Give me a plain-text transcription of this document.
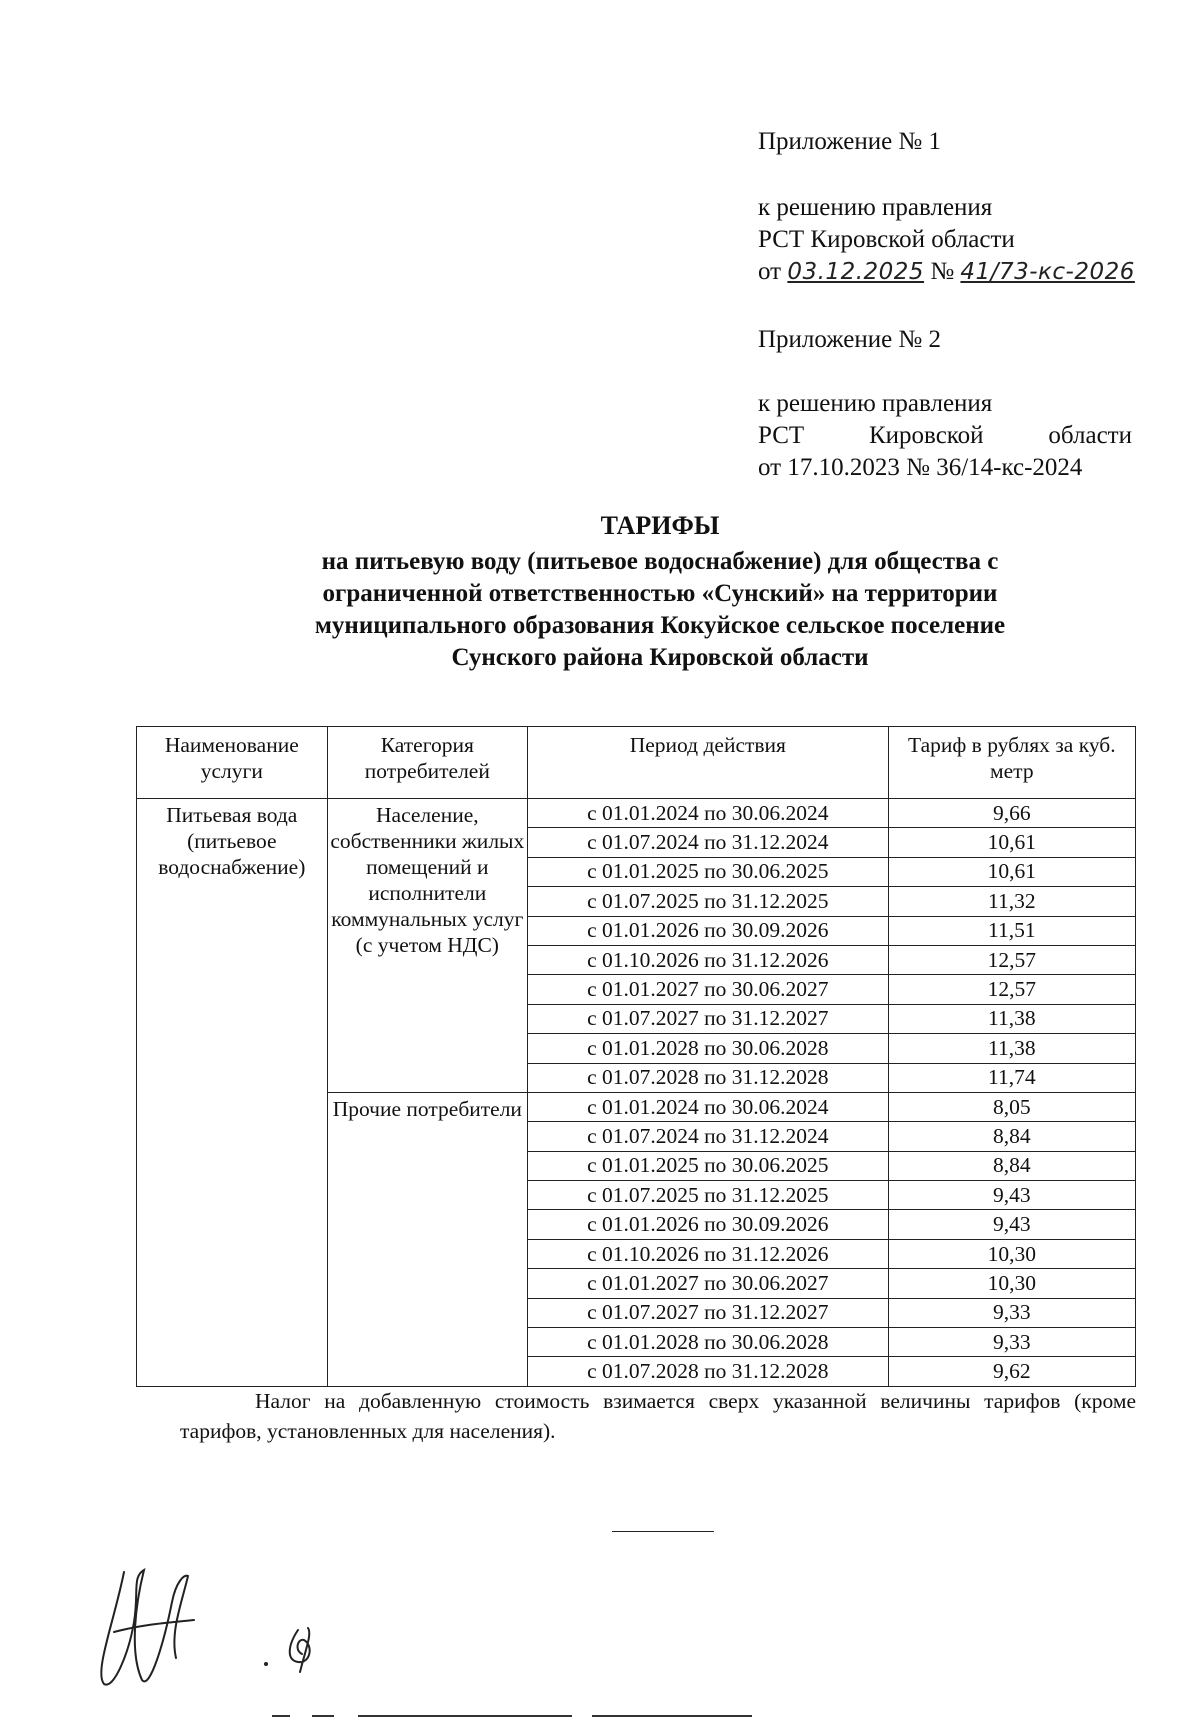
Приложение № 1
к решению правления
РСТ Кировской области
от 03.12.2025 № 41/73-кс-2026
Приложение № 2
к решению правления
РСТ	Кировской	области
от 17.10.2023 № 36/14-кс-2024
ТАРИФЫ
на питьевую воду (питьевое водоснабжение) для общества с
ограниченной ответственностью «Сунский» на территории
муниципального образования Кокуйское сельское поселение
Сунского района Кировской области
Наименование услуги	Категория потребителей	Период действия	Тариф в рублях за куб. метр
Питьевая вода (питьевое водоснабжение)	Население, собственники жилых помещений и исполнители коммунальных услуг (с учетом НДС)	с 01.01.2024 по 30.06.2024	9,66
		с 01.07.2024 по 31.12.2024	10,61
		с 01.01.2025 по 30.06.2025	10,61
		с 01.07.2025 по 31.12.2025	11,32
		с 01.01.2026 по 30.09.2026	11,51
		с 01.10.2026 по 31.12.2026	12,57
		с 01.01.2027 по 30.06.2027	12,57
		с 01.07.2027 по 31.12.2027	11,38
		с 01.01.2028 по 30.06.2028	11,38
		с 01.07.2028 по 31.12.2028	11,74
	Прочие потребители	с 01.01.2024 по 30.06.2024	8,05
		с 01.07.2024 по 31.12.2024	8,84
		с 01.01.2025 по 30.06.2025	8,84
		с 01.07.2025 по 31.12.2025	9,43
		с 01.01.2026 по 30.09.2026	9,43
		с 01.10.2026 по 31.12.2026	10,30
		с 01.01.2027 по 30.06.2027	10,30
		с 01.07.2027 по 31.12.2027	9,33
		с 01.01.2028 по 30.06.2028	9,33
		с 01.07.2028 по 31.12.2028	9,62
Налог на добавленную стоимость взимается сверх указанной величины тарифов (кроме тарифов, установленных для населения).
